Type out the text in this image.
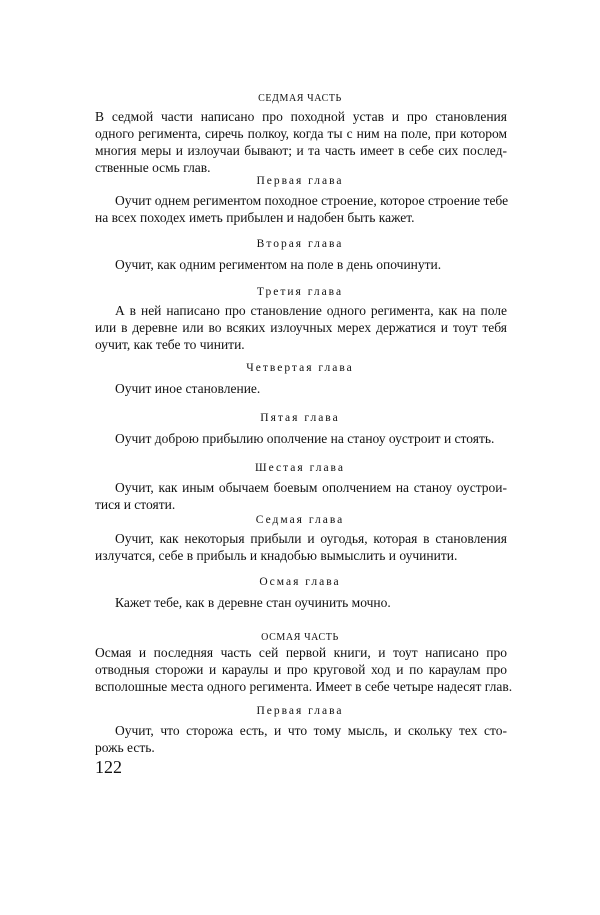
СЕДМАЯ ЧАСТЬ
В седмой части написано про походной устав и про становления
одного регимента, сиречь полкоу, когда ты с ним на поле, при котором
многия меры и излоучаи бывают; и та часть имеет в себе сих послед-
ственные осмь глав.
Первая глава
Оучит однем региментом походное строение, которое строение тебе
на всех походех иметь прибылен и надобен быть кажет.
Вторая глава
Оучит, как одним регимeнтом на поле в день опочинути.
Третия глава
А в ней написано про становление одного регимента, как на поле
или в деревне или во всяких излоучных мерех держатися и тоут тебя
оучит, как тебе то чинити.
Четвертая глава
Оучит иное становление.
Пятая глава
Оучит доброю прибылию ополчение на станоу оустроит и стоять.
Шестая глава
Оучит, как иным обычаем боевым ополчением на станоу оустрои-
тися и стояти.
Седмая глава
Оучит, как некоторыя прибыли и оугодья, которая в становления
излучатся, себе в прибыль и кнадобью вымыслить и оучинити.
Осмая глава
Кажет тебе, как в деревне стан оучинить мочно.
ОСМАЯ ЧАСТЬ
Осмая и последняя часть сей первой книги, и тоут написано про
отводныя сторожи и караулы и про круговой ход и по караулам про
всполошные места одного регимента. Имеет в себе четыре надесят глав.
Первая глава
Оучит, что сторожа есть, и что тому мысль, и скольку тех сто-
рожь есть.
122
